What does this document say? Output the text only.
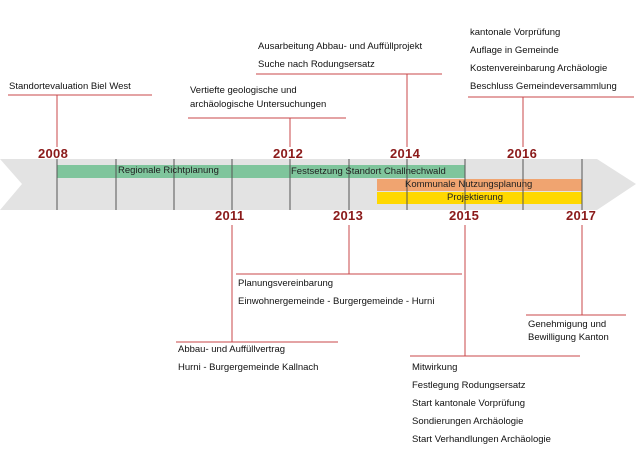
Regionale Richtplanung	Festsetzung Standort Challnechwald
Kommunale Nutzungsplanung
Projektierung
2008	2012	2014	2016
2011	2013	2015	2017
Standortevaluation Biel West	Vertiefte geologische und
archäologische Untersuchungen
Ausarbeitung Abbau- und Auffüllprojekt
Suche nach Rodungsersatz
kantonale Vorprüfung
Auflage in Gemeinde
Kostenvereinbarung Archäologie
Beschluss Gemeindeversammlung
Abbau- und Auffüllvertrag
Hurni - Burgergemeinde Kallnach
Planungsvereinbarung
Einwohnergemeinde - Burgergemeinde - Hurni
Mitwirkung
Festlegung Rodungsersatz
Start kantonale Vorprüfung
Sondierungen Archäologie
Start Verhandlungen Archäologie
Genehmigung und
Bewilligung Kanton
